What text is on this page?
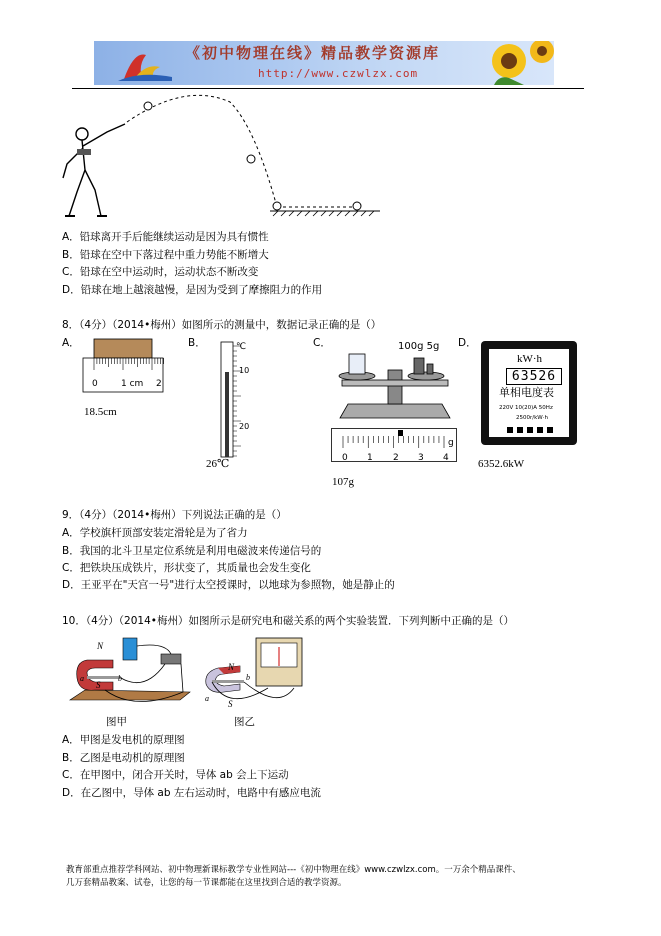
《初中物理在线》精品教学资源库
http://www.czwlzx.com
A．铅球离开手后能继续运动是因为具有惯性
B．铅球在空中下落过程中重力势能不断增大
C．铅球在空中运动时，运动状态不断改变
D．铅球在地上越滚越慢，是因为受到了摩擦阻力的作用
8．（4分）（2014•梅州）如图所示的测量中，数据记录正确的是（）
A．
0	1 cm 2
18.5cm
B．	℃
10
20
26℃
C．	100g 5g
g
0 1 2 3 4
107g
D．
kW·h
63526
单相电度表
220V 10(20)A 50Hz
2500r/kW·h
6352.6kW
9．（4分）（2014•梅州）下列说法正确的是（）
A．学校旗杆顶部安装定滑轮是为了省力
B．我国的北斗卫星定位系统是利用电磁波来传递信号的
C．把铁块压成铁片，形状变了，其质量也会发生变化
D．王亚平在"天宫一号"进行太空授课时，以地球为参照物，她是静止的
10．（4分）（2014•梅州）如图所示是研究电和磁关系的两个实验装置．下列判断中正确的是（）
N
S
a	b
图甲
N
S
a
b
图乙
A．甲图是发电机的原理图
B．乙图是电动机的原理图
C．在甲图中，闭合开关时，导体 ab 会上下运动
D．在乙图中，导体 ab 左右运动时，电路中有感应电流
教育部重点推荐学科网站、初中物理新课标教学专业性网站---《初中物理在线》www.czwlzx.com。一万余个精品课件、
几万套精品教案、试卷，让您的每一节课都能在这里找到合适的教学资源。
